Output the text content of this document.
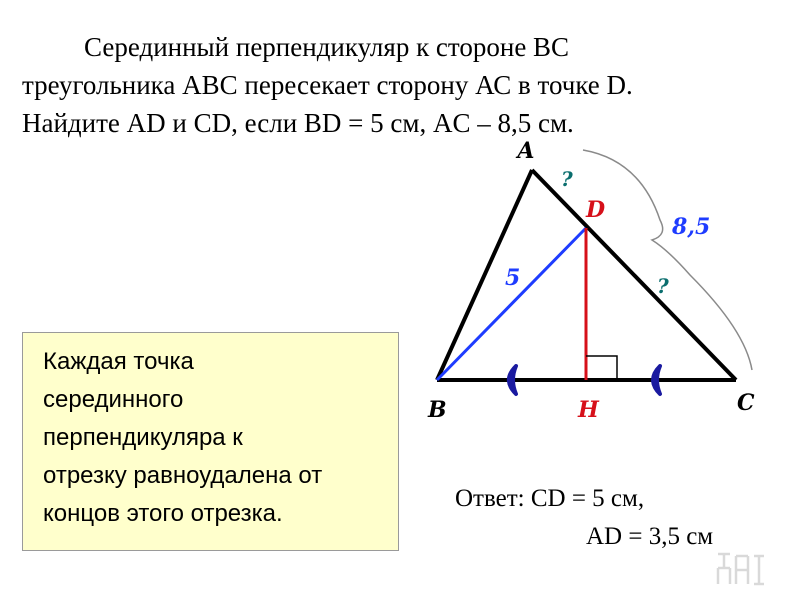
Серединный перпендикуляр к стороне ВС
треугольника АВС пересекает сторону АС в точке D.
Найдите AD и CD, если BD = 5 см, AC – 8,5 см.
А
В	С
D
Н
5
8,5
?
?
Каждая точка
серединного
перпендикуляра к
отрезку равноудалена от
концов этого отрезка.
Ответ: CD = 5 см,
AD = 3,5 см
